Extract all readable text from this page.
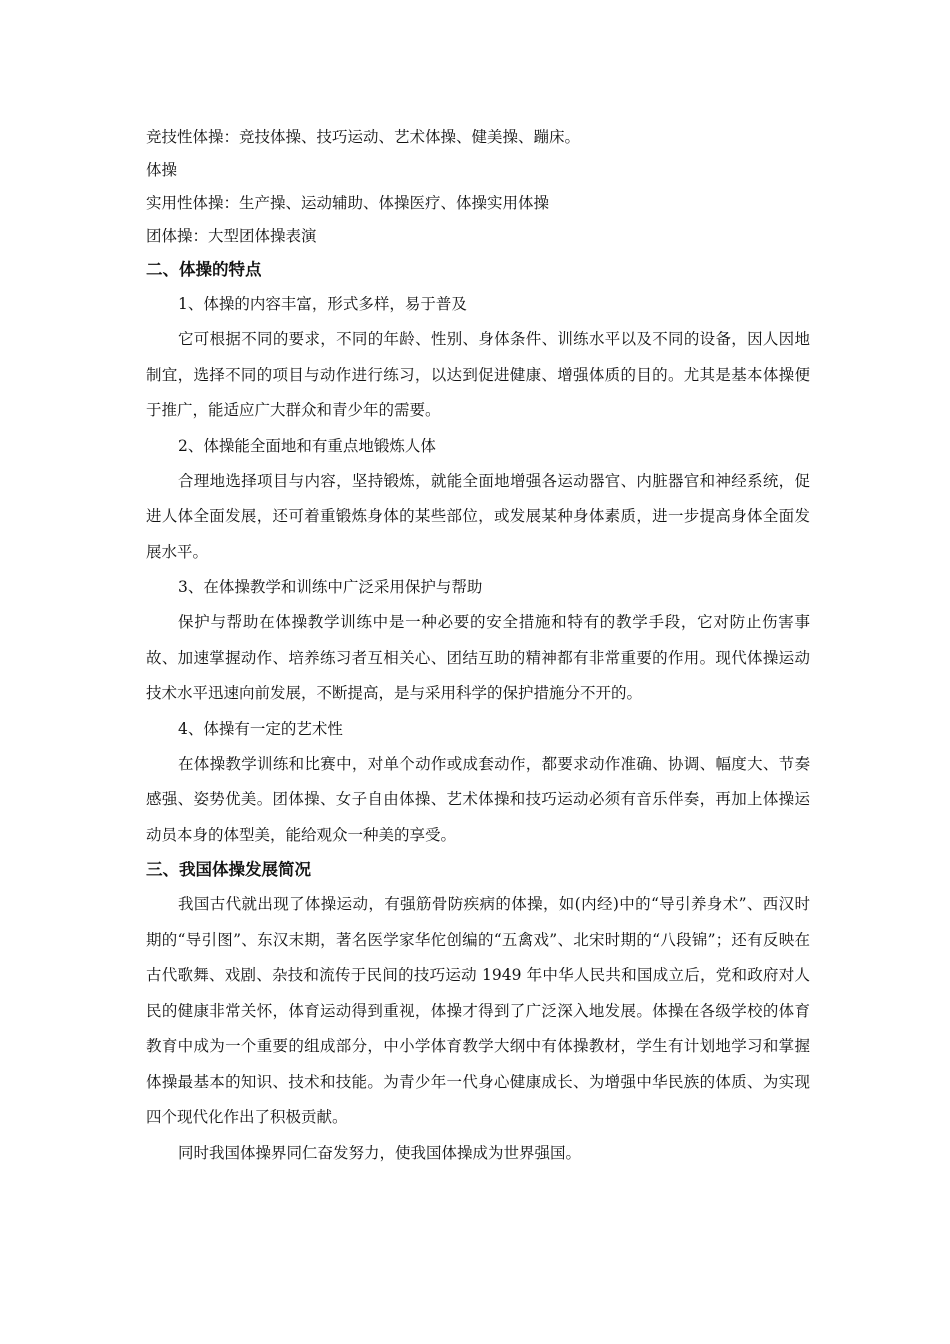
竞技性体操：竞技体操、技巧运动、艺术体操、健美操、蹦床。

体操

实用性体操：生产操、运动辅助、体操医疗、体操实用体操

团体操：大型团体操表演

二、体操的特点

1、体操的内容丰富，形式多样，易于普及

它可根据不同的要求，不同的年龄、性别、身体条件、训练水平以及不同的设备，因人因地制宜，选择不同的项目与动作进行练习，以达到促进健康、增强体质的目的。尤其是基本体操便于推广，能适应广大群众和青少年的需要。

2、体操能全面地和有重点地锻炼人体

合理地选择项目与内容，坚持锻炼，就能全面地增强各运动器官、内脏器官和神经系统，促进人体全面发展，还可着重锻炼身体的某些部位，或发展某种身体素质，进一步提高身体全面发展水平。

3、在体操教学和训练中广泛采用保护与帮助

保护与帮助在体操教学训练中是一种必要的安全措施和特有的教学手段，它对防止伤害事故、加速掌握动作、培养练习者互相关心、团结互助的精神都有非常重要的作用。现代体操运动技术水平迅速向前发展，不断提高，是与采用科学的保护措施分不开的。

4、体操有一定的艺术性

在体操教学训练和比赛中，对单个动作或成套动作，都要求动作准确、协调、幅度大、节奏感强、姿势优美。团体操、女子自由体操、艺术体操和技巧运动必须有音乐伴奏，再加上体操运动员本身的体型美，能给观众一种美的享受。

三、我国体操发展简况

我国古代就出现了体操运动，有强筋骨防疾病的体操，如(内经)中的“导引养身术”、西汉时期的“导引图”、东汉末期，著名医学家华佗创编的“五禽戏”、北宋时期的“八段锦”；还有反映在古代歌舞、戏剧、杂技和流传于民间的技巧运动 1949 年中华人民共和国成立后，党和政府对人民的健康非常关怀，体育运动得到重视，体操才得到了广泛深入地发展。体操在各级学校的体育教育中成为一个重要的组成部分，中小学体育教学大纲中有体操教材，学生有计划地学习和掌握体操最基本的知识、技术和技能。为青少年一代身心健康成长、为增强中华民族的体质、为实现四个现代化作出了积极贡献。

同时我国体操界同仁奋发努力，使我国体操成为世界强国。
